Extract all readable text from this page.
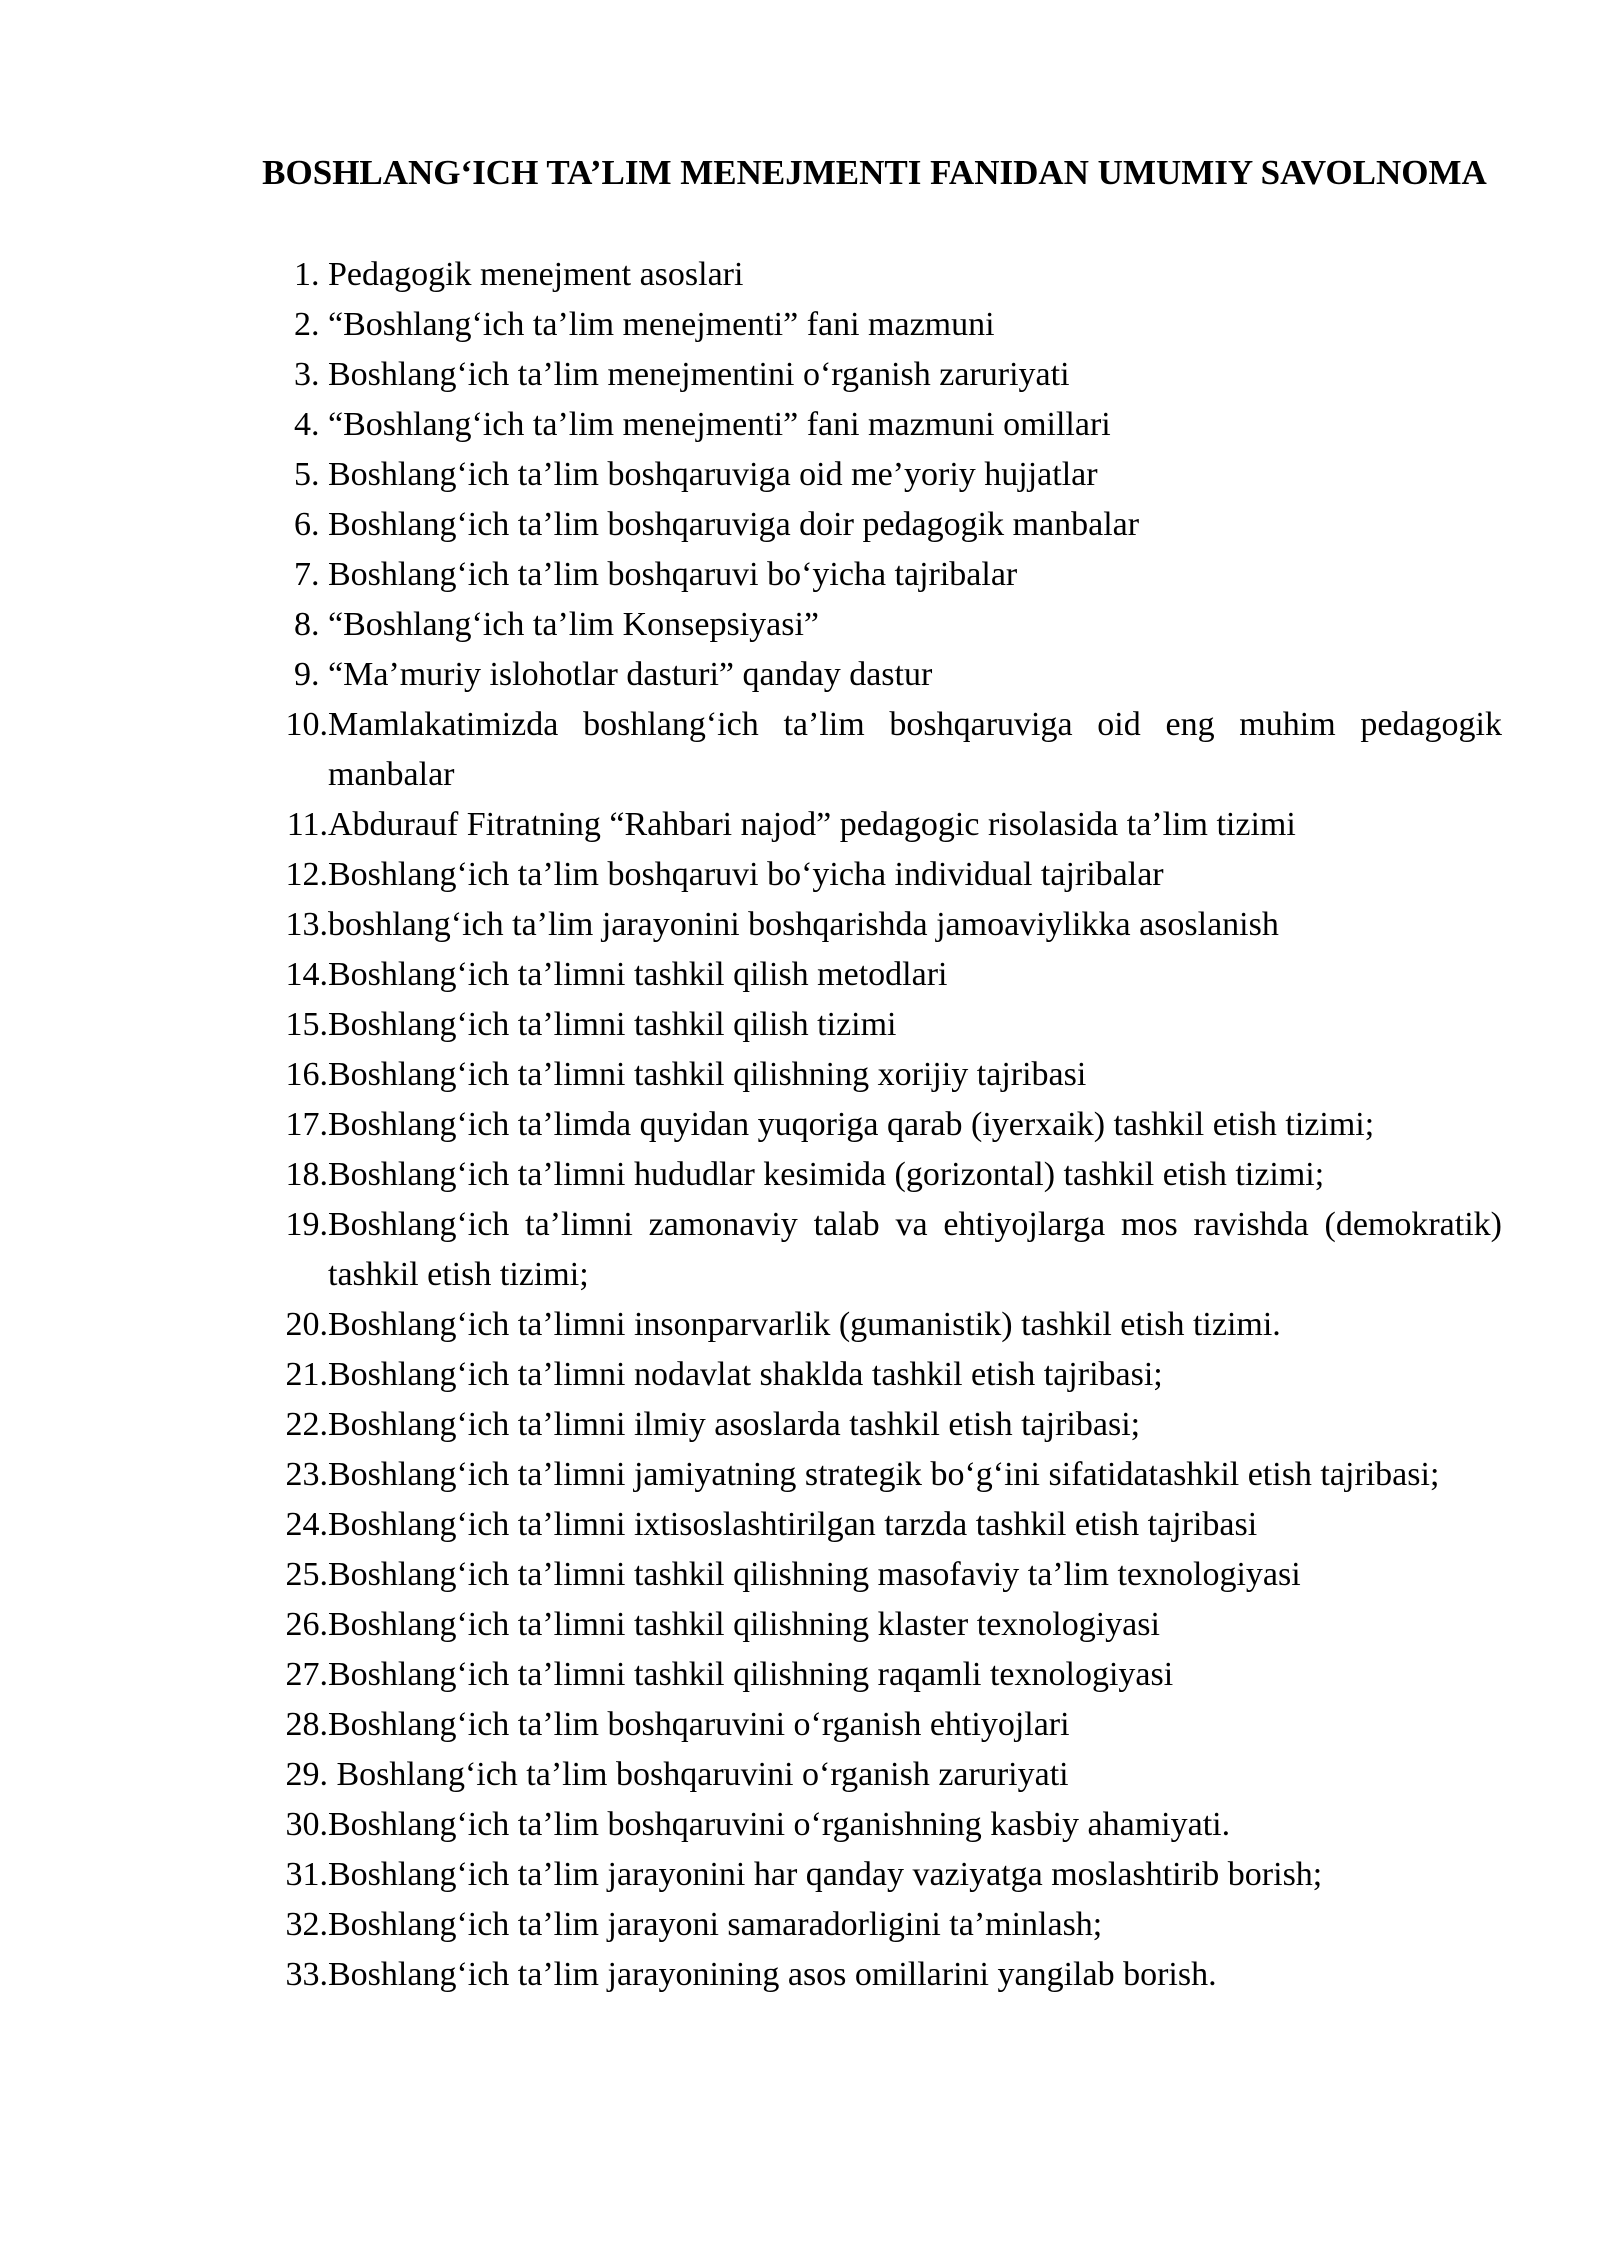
BOSHLANG‘ICH TA’LIM MENEJMENTI FANIDAN UMUMIY SAVOLNOMA
1. Pedagogik menejment asoslari
2. “Boshlang‘ich ta’lim menejmenti” fani mazmuni
3. Boshlang‘ich ta’lim menejmentini o‘rganish zaruriyati
4. “Boshlang‘ich ta’lim menejmenti” fani mazmuni omillari
5. Boshlang‘ich ta’lim boshqaruviga oid me’yoriy hujjatlar
6. Boshlang‘ich ta’lim boshqaruviga doir pedagogik manbalar
7. Boshlang‘ich ta’lim boshqaruvi bo‘yicha tajribalar
8. “Boshlang‘ich ta’lim Konsepsiyasi”
9. “Ma’muriy islohotlar dasturi” qanday dastur
10. Mamlakatimizda boshlang‘ich ta’lim boshqaruviga oid eng muhim pedagogik manbalar
11. Abdurauf Fitratning “Rahbari najod” pedagogic risolasida ta’lim tizimi
12. Boshlang‘ich ta’lim boshqaruvi bo‘yicha individual tajribalar
13. boshlang‘ich ta’lim jarayonini boshqarishda jamoaviylikka asoslanish
14. Boshlang‘ich ta’limni tashkil qilish metodlari
15. Boshlang‘ich ta’limni tashkil qilish tizimi
16. Boshlang‘ich ta’limni tashkil qilishning xorijiy tajribasi
17. Boshlang‘ich ta’limda quyidan yuqoriga qarab (iyerxaik) tashkil etish tizimi;
18. Boshlang‘ich ta’limni hududlar kesimida (gorizontal) tashkil etish tizimi;
19. Boshlang‘ich ta’limni zamonaviy talab va ehtiyojlarga mos ravishda (demokratik) tashkil etish tizimi;
20. Boshlang‘ich ta’limni insonparvarlik (gumanistik) tashkil etish tizimi.
21. Boshlang‘ich ta’limni nodavlat shaklda tashkil etish tajribasi;
22. Boshlang‘ich ta’limni ilmiy asoslarda tashkil etish tajribasi;
23. Boshlang‘ich ta’limni jamiyatning strategik bo‘g‘ini sifatidatashkil etish tajribasi;
24. Boshlang‘ich ta’limni ixtisoslashtirilgan tarzda tashkil etish tajribasi
25. Boshlang‘ich ta’limni tashkil qilishning masofaviy ta’lim texnologiyasi
26. Boshlang‘ich ta’limni tashkil qilishning klaster texnologiyasi
27. Boshlang‘ich ta’limni tashkil qilishning raqamli texnologiyasi
28. Boshlang‘ich ta’lim boshqaruvini o‘rganish ehtiyojlari
29. Boshlang‘ich ta’lim boshqaruvini o‘rganish zaruriyati
30. Boshlang‘ich ta’lim boshqaruvini o‘rganishning kasbiy ahamiyati.
31. Boshlang‘ich ta’lim jarayonini har qanday vaziyatga moslashtirib borish;
32. Boshlang‘ich ta’lim jarayoni samaradorligini ta’minlash;
33. Boshlang‘ich ta’lim jarayonining asos omillarini yangilab borish.
